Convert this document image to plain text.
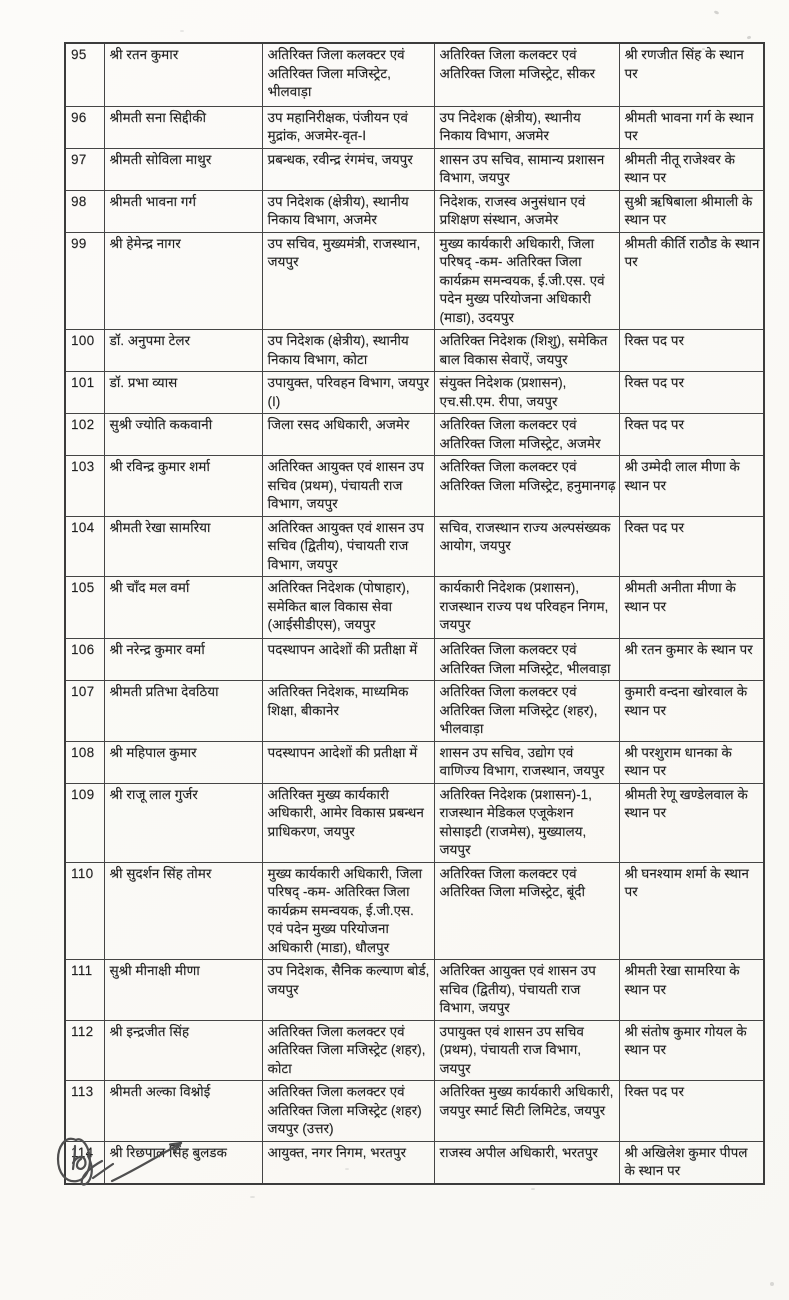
95	श्री रतन कुमार	अतिरिक्त जिला कलक्टर एवं अतिरिक्त जिला मजिस्ट्रेट, भीलवाड़ा	अतिरिक्त जिला कलक्टर एवं अतिरिक्त जिला मजिस्ट्रेट, सीकर	श्री रणजीत सिंह के स्थान पर
96	श्रीमती सना सिद्दीकी	उप महानिरीक्षक, पंजीयन एवं मुद्रांक, अजमेर-वृत-I	उप निदेशक (क्षेत्रीय), स्थानीय निकाय विभाग, अजमेर	श्रीमती भावना गर्ग के स्थान पर
97	श्रीमती सोविला माथुर	प्रबन्धक, रवीन्द्र रंगमंच, जयपुर	शासन उप सचिव, सामान्य प्रशासन विभाग, जयपुर	श्रीमती नीतू राजेश्वर के स्थान पर
98	श्रीमती भावना गर्ग	उप निदेशक (क्षेत्रीय), स्थानीय निकाय विभाग, अजमेर	निदेशक, राजस्व अनुसंधान एवं प्रशिक्षण संस्थान, अजमेर	सुश्री ऋषिबाला श्रीमाली के स्थान पर
99	श्री हेमेन्द्र नागर	उप सचिव, मुख्यमंत्री, राजस्थान, जयपुर	मुख्य कार्यकारी अधिकारी, जिला परिषद् -कम- अतिरिक्त जिला कार्यक्रम समन्वयक, ई.जी.एस. एवं पदेन मुख्य परियोजना अधिकारी (माडा), उदयपुर	श्रीमती कीर्ति राठौड के स्थान पर
100	डॉ. अनुपमा टेलर	उप निदेशक (क्षेत्रीय), स्थानीय निकाय विभाग, कोटा	अतिरिक्त निदेशक (शिशु), समेकित बाल विकास सेवाऐं, जयपुर	रिक्त पद पर
101	डॉ. प्रभा व्यास	उपायुक्त, परिवहन विभाग, जयपुर (I)	संयुक्त निदेशक (प्रशासन), एच.सी.एम. रीपा, जयपुर	रिक्त पद पर
102	सुश्री ज्योति ककवानी	जिला रसद अधिकारी, अजमेर	अतिरिक्त जिला कलक्टर एवं अतिरिक्त जिला मजिस्ट्रेट, अजमेर	रिक्त पद पर
103	श्री रविन्द्र कुमार शर्मा	अतिरिक्त आयुक्त एवं शासन उप सचिव (प्रथम), पंचायती राज विभाग, जयपुर	अतिरिक्त जिला कलक्टर एवं अतिरिक्त जिला मजिस्ट्रेट, हनुमानगढ़	श्री उम्मेदी लाल मीणा के स्थान पर
104	श्रीमती रेखा सामरिया	अतिरिक्त आयुक्त एवं शासन उप सचिव (द्वितीय), पंचायती राज विभाग, जयपुर	सचिव, राजस्थान राज्य अल्पसंख्यक आयोग, जयपुर	रिक्त पद पर
105	श्री चाँद मल वर्मा	अतिरिक्त निदेशक (पोषाहार), समेकित बाल विकास सेवा (आईसीडीएस), जयपुर	कार्यकारी निदेशक (प्रशासन), राजस्थान राज्य पथ परिवहन निगम, जयपुर	श्रीमती अनीता मीणा के स्थान पर
106	श्री नरेन्द्र कुमार वर्मा	पदस्थापन आदेशों की प्रतीक्षा में	अतिरिक्त जिला कलक्टर एवं अतिरिक्त जिला मजिस्ट्रेट, भीलवाड़ा	श्री रतन कुमार के स्थान पर
107	श्रीमती प्रतिभा देवठिया	अतिरिक्त निदेशक, माध्यमिक शिक्षा, बीकानेर	अतिरिक्त जिला कलक्टर एवं अतिरिक्त जिला मजिस्ट्रेट (शहर), भीलवाड़ा	कुमारी वन्दना खोरवाल के स्थान पर
108	श्री महिपाल कुमार	पदस्थापन आदेशों की प्रतीक्षा में	शासन उप सचिव, उद्योग एवं वाणिज्य विभाग, राजस्थान, जयपुर	श्री परशुराम धानका के स्थान पर
109	श्री राजू लाल गुर्जर	अतिरिक्त मुख्य कार्यकारी अधिकारी, आमेर विकास प्रबन्धन प्राधिकरण, जयपुर	अतिरिक्त निदेशक (प्रशासन)-1, राजस्थान मेडिकल एजूकेशन सोसाइटी (राजमेस), मुख्यालय, जयपुर	श्रीमती रेणू खण्डेलवाल के स्थान पर
110	श्री सुदर्शन सिंह तोमर	मुख्य कार्यकारी अधिकारी, जिला परिषद् -कम- अतिरिक्त जिला कार्यक्रम समन्वयक, ई.जी.एस. एवं पदेन मुख्य परियोजना अधिकारी (माडा), धौलपुर	अतिरिक्त जिला कलक्टर एवं अतिरिक्त जिला मजिस्ट्रेट, बूंदी	श्री घनश्याम शर्मा के स्थान पर
111	सुश्री मीनाक्षी मीणा	उप निदेशक, सैनिक कल्याण बोर्ड, जयपुर	अतिरिक्त आयुक्त एवं शासन उप सचिव (द्वितीय), पंचायती राज विभाग, जयपुर	श्रीमती रेखा सामरिया के स्थान पर
112	श्री इन्द्रजीत सिंह	अतिरिक्त जिला कलक्टर एवं अतिरिक्त जिला मजिस्ट्रेट (शहर), कोटा	उपायुक्त एवं शासन उप सचिव (प्रथम), पंचायती राज विभाग, जयपुर	श्री संतोष कुमार गोयल के स्थान पर
113	श्रीमती अल्का विश्नोई	अतिरिक्त जिला कलक्टर एवं अतिरिक्त जिला मजिस्ट्रेट (शहर) जयपुर (उत्तर)	अतिरिक्त मुख्य कार्यकारी अधिकारी, जयपुर स्मार्ट सिटी लिमिटेड, जयपुर	रिक्त पद पर
114	श्री रिछपाल सिंह बुलडक	आयुक्त, नगर निगम, भरतपुर	राजस्व अपील अधिकारी, भरतपुर	श्री अखिलेश कुमार पीपल के स्थान पर
